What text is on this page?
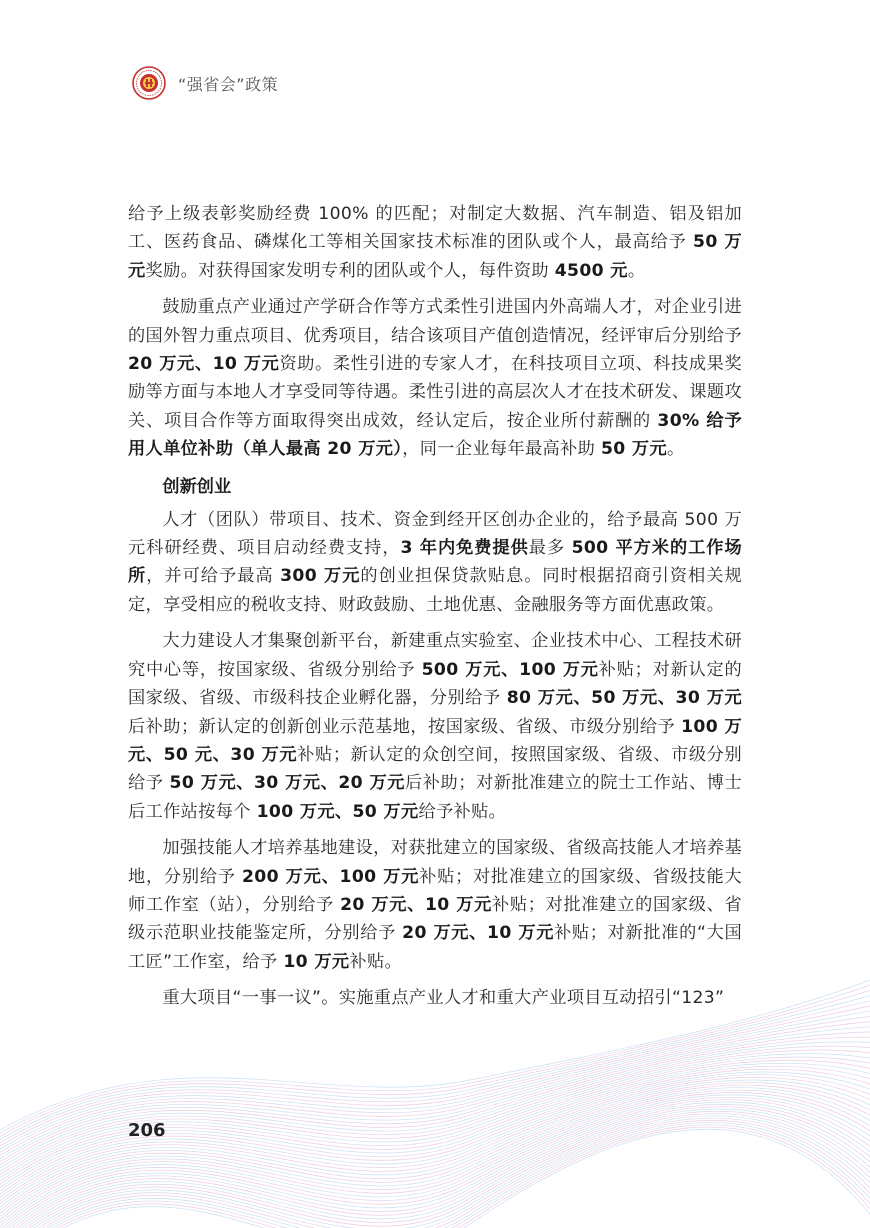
“强省会”政策

给予上级表彰奖励经费 100% 的匹配；对制定大数据、汽车制造、铝及铝加工、医药食品、磷煤化工等相关国家技术标准的团队或个人，最高给予 50 万元奖励。对获得国家发明专利的团队或个人，每件资助 4500 元。

鼓励重点产业通过产学研合作等方式柔性引进国内外高端人才，对企业引进的国外智力重点项目、优秀项目，结合该项目产值创造情况，经评审后分别给予 20 万元、10 万元资助。柔性引进的专家人才，在科技项目立项、科技成果奖励等方面与本地人才享受同等待遇。柔性引进的高层次人才在技术研发、课题攻关、项目合作等方面取得突出成效，经认定后，按企业所付薪酬的 30% 给予用人单位补助（单人最高 20 万元），同一企业每年最高补助 50 万元。

创新创业

人才（团队）带项目、技术、资金到经开区创办企业的，给予最高 500 万元科研经费、项目启动经费支持，3 年内免费提供最多 500 平方米的工作场所，并可给予最高 300 万元的创业担保贷款贴息。同时根据招商引资相关规定，享受相应的税收支持、财政鼓励、土地优惠、金融服务等方面优惠政策。

大力建设人才集聚创新平台，新建重点实验室、企业技术中心、工程技术研究中心等，按国家级、省级分别给予 500 万元、100 万元补贴；对新认定的国家级、省级、市级科技企业孵化器，分别给予 80 万元、50 万元、30 万元后补助；新认定的创新创业示范基地，按国家级、省级、市级分别给予 100 万元、50 元、30 万元补贴；新认定的众创空间，按照国家级、省级、市级分别给予 50 万元、30 万元、20 万元后补助；对新批准建立的院士工作站、博士后工作站按每个 100 万元、50 万元给予补贴。

加强技能人才培养基地建设，对获批建立的国家级、省级高技能人才培养基地，分别给予 200 万元、100 万元补贴；对批准建立的国家级、省级技能大师工作室（站），分别给予 20 万元、10 万元补贴；对批准建立的国家级、省级示范职业技能鉴定所，分别给予 20 万元、10 万元补贴；对新批准的“大国工匠”工作室，给予 10 万元补贴。

重大项目“一事一议”。实施重点产业人才和重大产业项目互动招引“123”

206
